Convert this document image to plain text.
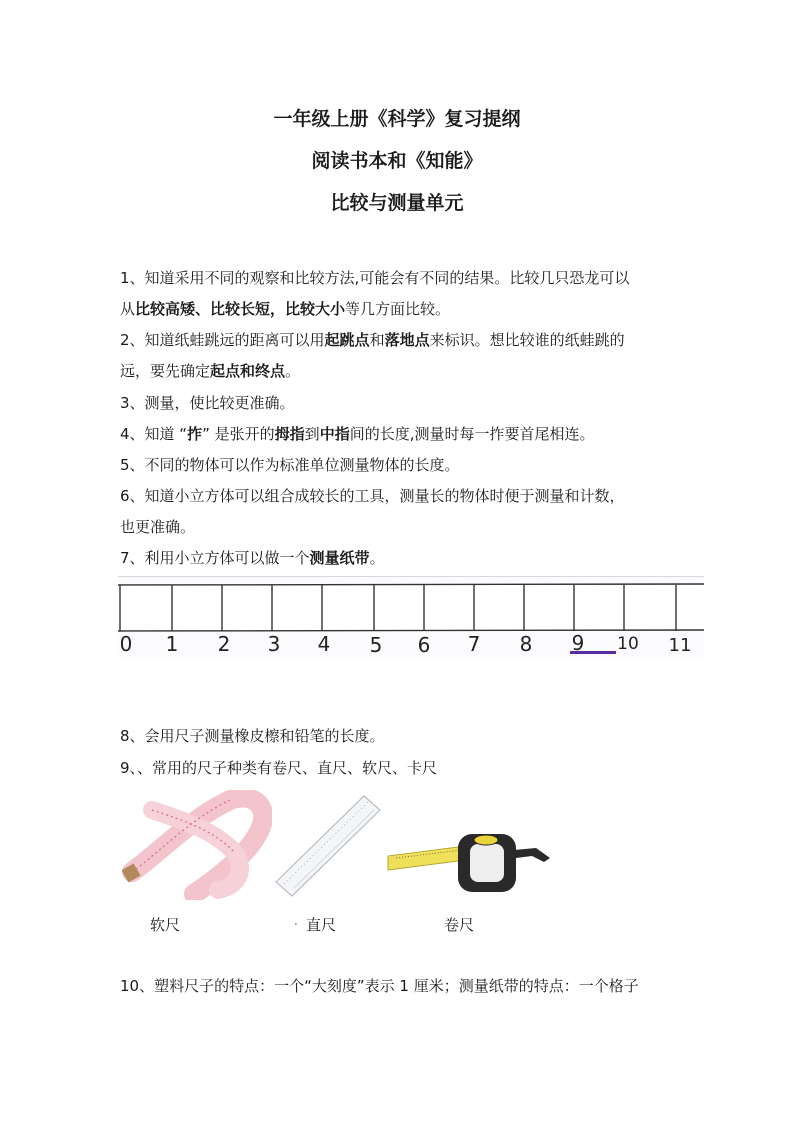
一年级上册《科学》复习提纲
阅读书本和《知能》
比较与测量单元
1、知道采用不同的观察和比较方法,可能会有不同的结果。比较几只恐龙可以
从比较高矮、比较长短，比较大小等几方面比较。
2、知道纸蛙跳远的距离可以用起跳点和落地点来标识。想比较谁的纸蛙跳的
远，要先确定起点和终点。
3、测量，使比较更准确。
4、知道 “拃” 是张开的拇指到中指间的长度,测量时每一拃要首尾相连。
5、不同的物体可以作为标准单位测量物体的长度。
6、知道小立方体可以组合成较长的工具，测量长的物体时便于测量和计数，
也更准确。
7、利用小立方体可以做一个测量纸带。
0 1 2 3 4 5 6 7 8 9 10 11
8、会用尺子测量橡皮檫和铅笔的长度。
9、、常用的尺子种类有卷尺、直尺、软尺、卡尺
软尺	. 直尺	卷尺
10、塑料尺子的特点：一个“大刻度”表示 1 厘米；测量纸带的特点：一个格子
